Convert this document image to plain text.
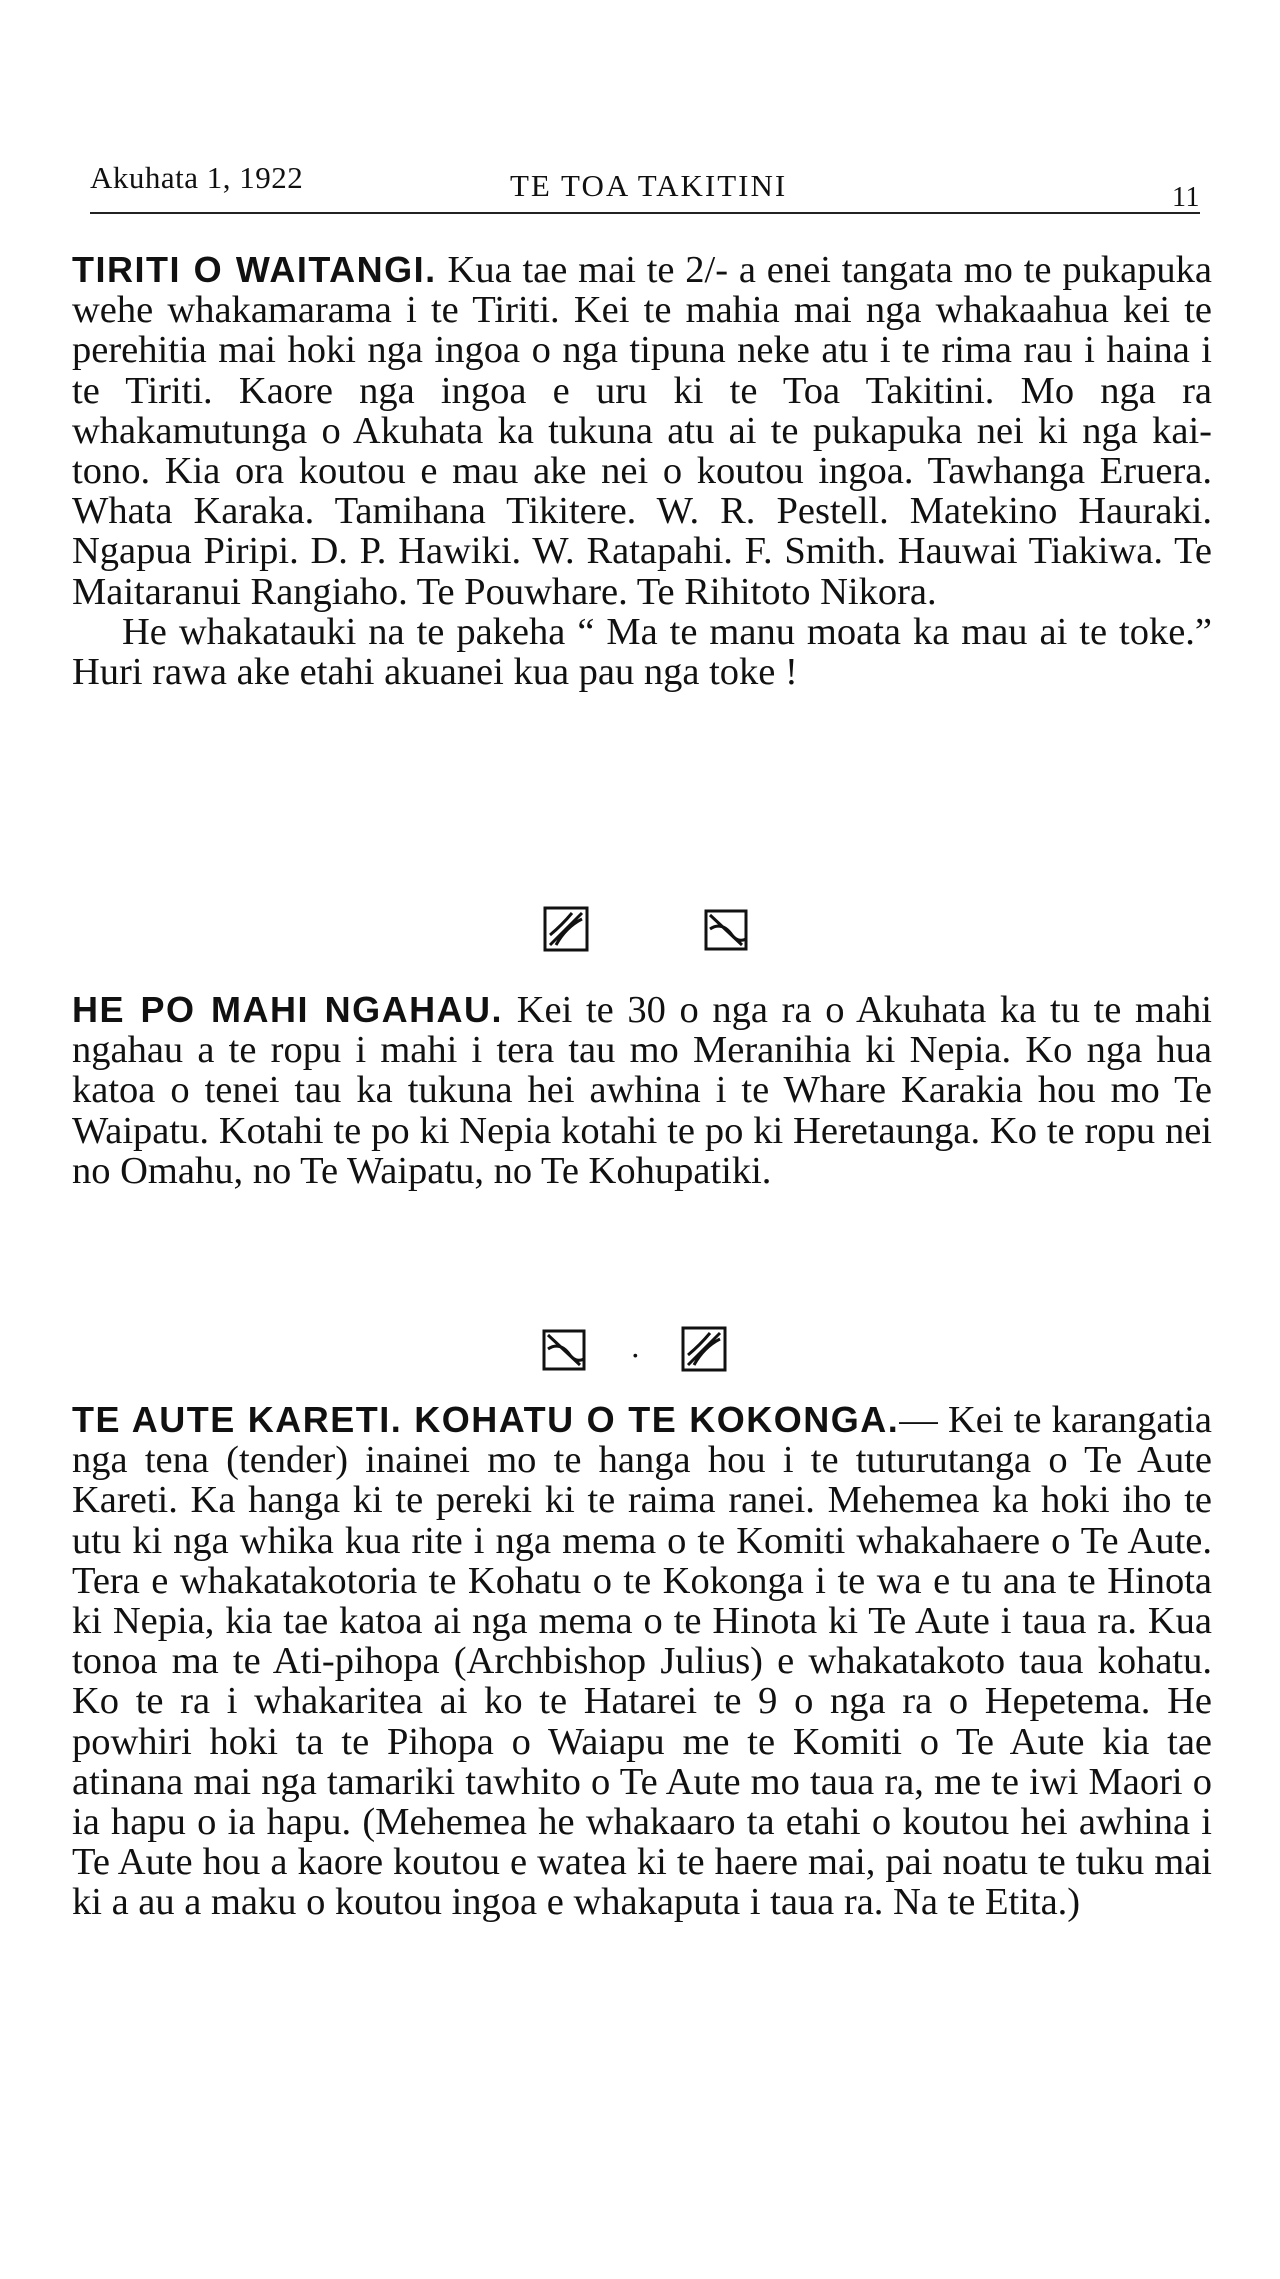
Akuhata 1, 1922	TE TOA TAKITINI	11

TIRITI O WAITANGI. Kua tae mai te 2/- a enei tangata mo te pukapuka wehe whakamarama i te Tiriti. Kei te mahia mai nga whakaahua kei te perehitia mai hoki nga ingoa o nga tipuna neke atu i te rima rau i haina i te Tiriti. Kaore nga ingoa e uru ki te Toa Takitini. Mo nga ra whakamutunga o Akuhata ka tukuna atu ai te pukapuka nei ki nga kai-tono. Kia ora koutou e mau ake nei o koutou ingoa. Tawhanga Eruera. Whata Karaka. Tamihana Tikitere. W. R. Pestell. Matekino Hauraki. Ngapua Piripi. D. P. Hawiki. W. Ratapahi. F. Smith. Hauwai Tiakiwa. Te Maitaranui Rangiaho. Te Pouwhare. Te Rihitoto Nikora.

He whakatauki na te pakeha “ Ma te manu moata ka mau ai te toke.” Huri rawa ake etahi akuanei kua pau nga toke !

HE PO MAHI NGAHAU. Kei te 30 o nga ra o Akuhata ka tu te mahi ngahau a te ropu i mahi i tera tau mo Meranihia ki Nepia. Ko nga hua katoa o tenei tau ka tukuna hei awhina i te Whare Karakia hou mo Te Waipatu. Kotahi te po ki Nepia kotahi te po ki Heretaunga. Ko te ropu nei no Omahu, no Te Waipatu, no Te Kohupatiki.

·

TE AUTE KARETI. KOHATU O TE KOKONGA.— Kei te karangatia nga tena (tender) inainei mo te hanga hou i te tuturutanga o Te Aute Kareti. Ka hanga ki te pereki ki te raima ranei. Mehemea ka hoki iho te utu ki nga whika kua rite i nga mema o te Komiti whakahaere o Te Aute. Tera e whakatakotoria te Kohatu o te Kokonga i te wa e tu ana te Hinota ki Nepia, kia tae katoa ai nga mema o te Hinota ki Te Aute i taua ra. Kua tonoa ma te Ati-pihopa (Archbishop Julius) e whakatakoto taua kohatu. Ko te ra i whakaritea ai ko te Hatarei te 9 o nga ra o Hepetema. He powhiri hoki ta te Pihopa o Waiapu me te Komiti o Te Aute kia tae atinana mai nga tamariki tawhito o Te Aute mo taua ra, me te iwi Maori o ia hapu o ia hapu. (Mehemea he whakaaro ta etahi o koutou hei awhina i Te Aute hou a kaore koutou e watea ki te haere mai, pai noatu te tuku mai ki a au a maku o koutou ingoa e whakaputa i taua ra. Na te Etita.)
